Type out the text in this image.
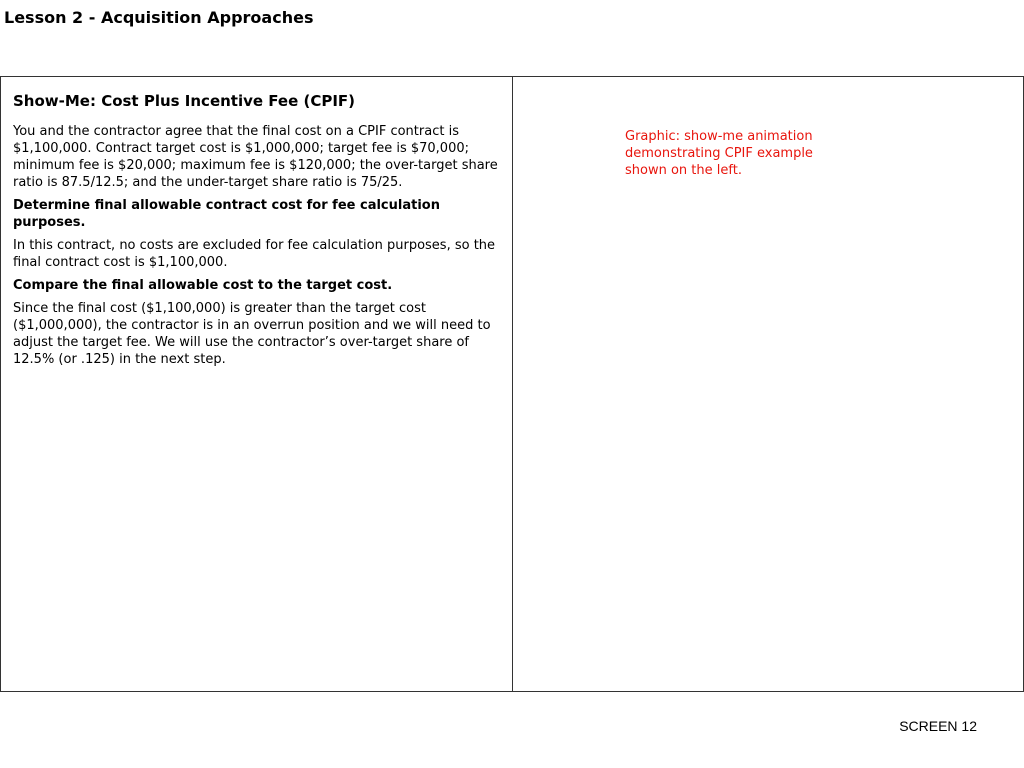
Lesson 2 - Acquisition Approaches
Show-Me: Cost Plus Incentive Fee (CPIF)

You and the contractor agree that the final cost on a CPIF contract is $1,100,000. Contract target cost is $1,000,000; target fee is $70,000; minimum fee is $20,000; maximum fee is $120,000; the over-target share ratio is 87.5/12.5; and the under-target share ratio is 75/25.

Determine final allowable contract cost for fee calculation purposes.

In this contract, no costs are excluded for fee calculation purposes, so the final contract cost is $1,100,000.

Compare the final allowable cost to the target cost.

Since the final cost ($1,100,000) is greater than the target cost ($1,000,000), the contractor is in an overrun position and we will need to adjust the target fee. We will use the contractor’s over-target share of 12.5% (or .125) in the next step.

Graphic: show-me animation demonstrating CPIF example shown on the left.

SCREEN 12
